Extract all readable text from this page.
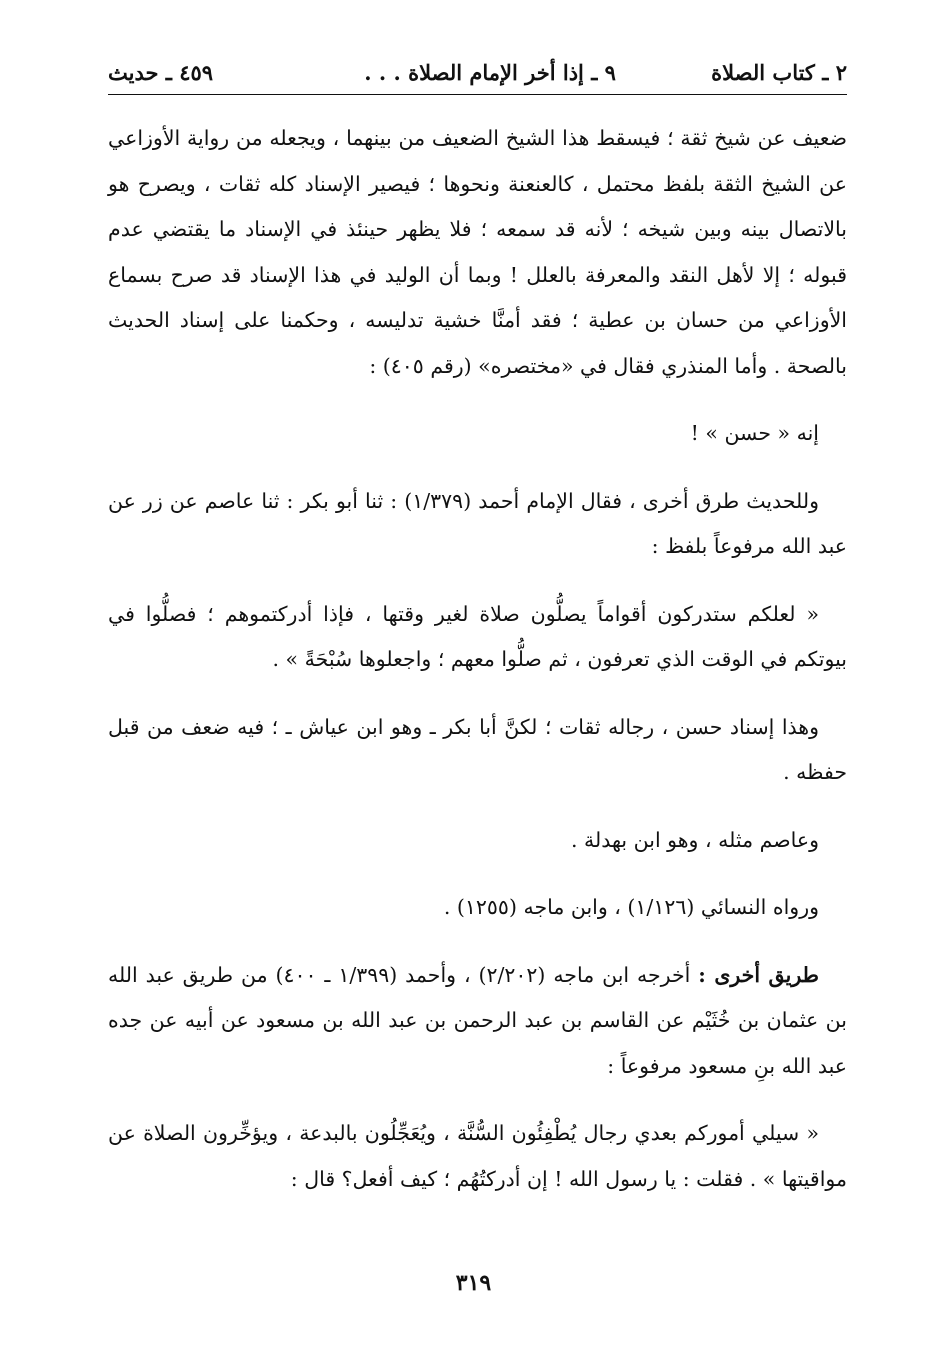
٢ ـ كتاب الصلاة
٩ ـ إذا أخر الإمام الصلاة . . .
٤٥٩ ـ حديث

ضعيف عن شيخ ثقة ؛ فيسقط هذا الشيخ الضعيف من بينهما ، ويجعله من رواية الأوزاعي عن الشيخ الثقة بلفظ محتمل ، كالعنعنة ونحوها ؛ فيصير الإسناد كله ثقات ، ويصرح هو بالاتصال بينه وبين شيخه ؛ لأنه قد سمعه ؛ فلا يظهر حينئذ في الإسناد ما يقتضي عدم قبوله ؛ إلا لأهل النقد والمعرفة بالعلل ! وبما أن الوليد في هذا الإسناد قد صرح بسماع الأوزاعي من حسان بن عطية ؛ فقد أمنَّا خشية تدليسه ، وحكمنا على إسناد الحديث بالصحة . وأما المنذري فقال في «مختصره» (رقم ٤٠٥) :

إنه « حسن » !

وللحديث طرق أخرى ، فقال الإمام أحمد (١/٣٧٩) : ثنا أبو بكر : ثنا عاصم عن زر عن عبد الله مرفوعاً بلفظ :

« لعلكم ستدركون أقواماً يصلُّون صلاة لغير وقتها ، فإذا أدركتموهم ؛ فصلُّوا في بيوتكم في الوقت الذي تعرفون ، ثم صلُّوا معهم ؛ واجعلوها سُبْحَةً » .

وهذا إسناد حسن ، رجاله ثقات ؛ لكنَّ أبا بكر ـ وهو ابن عياش ـ ؛ فيه ضعف من قبل حفظه .

وعاصم مثله ، وهو ابن بهدلة .

ورواه النسائي (١/١٢٦) ، وابن ماجه (١٢٥٥) .

طريق أخرى : أخرجه ابن ماجه (٢/٢٠٢) ، وأحمد (١/٣٩٩ ـ ٤٠٠) من طريق عبد الله بن عثمان بن خُثَيْم عن القاسم بن عبد الرحمن بن عبد الله بن مسعود عن أبيه عن جده عبد الله بنِ مسعود مرفوعاً :

« سيلي أموركم بعدي رجال يُطْفِئُون السُّنَّة ، ويُعَجِّلُون بالبدعة ، ويؤخِّرون الصلاة عن مواقيتها » . فقلت : يا رسول الله ! إن أدركتُهُم ؛ كيف أفعل؟ قال :

٣١٩
